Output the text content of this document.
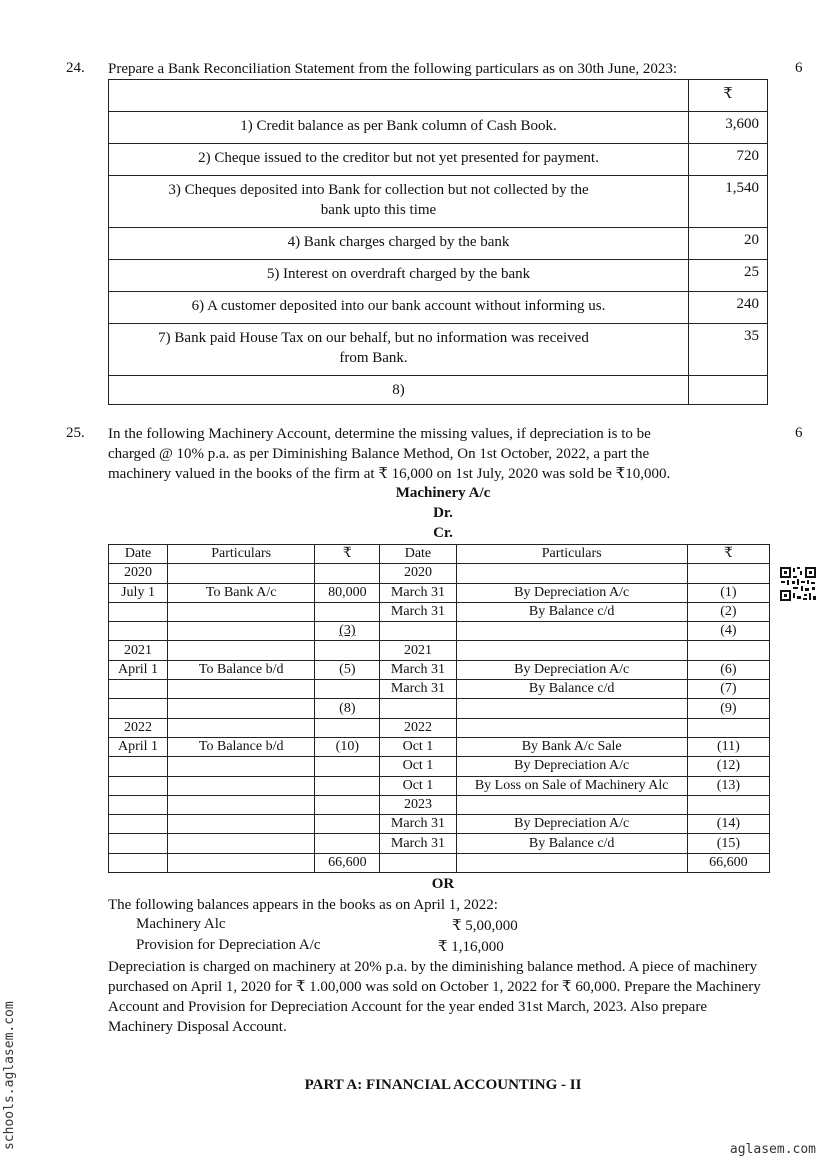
24. Prepare a Bank Reconciliation Statement from the following particulars as on 30th June, 2023:	6
	₹
1) Credit balance as per Bank column of Cash Book.	3,600
2) Cheque issued to the creditor but not yet presented for payment.	720
3) Cheques deposited into Bank for collection but not collected by the bank upto this time	1,540
4) Bank charges charged by the bank	20
5) Interest on overdraft charged by the bank	25
6) A customer deposited into our bank account without informing us.	240
7) Bank paid House Tax on our behalf, but no information was received from Bank.	35
8)	
25.	6
In the following Machinery Account, determine the missing values, if depreciation is to be
charged @ 10% p.a. as per Diminishing Balance Method, On 1st October, 2022, a part the
machinery valued in the books of the firm at ₹ 16,000 on 1st July, 2020 was sold be ₹10,000.
Machinery A/c
Dr.
Cr.
Date	Particulars	₹	Date	Particulars	₹
2020			2020		
July 1	To Bank A/c	80,000	March 31	By Depreciation A/c	(1)
			March 31	By Balance c/d	(2)
		(3)			(4)
2021			2021		
April 1	To Balance b/d	(5)	March 31	By Depreciation A/c	(6)
			March 31	By Balance c/d	(7)
		(8)			(9)
2022			2022		
April 1	To Balance b/d	(10)	Oct 1	By Bank A/c Sale	(11)
			Oct 1	By Depreciation A/c	(12)
			Oct 1	By Loss on Sale of Machinery Alc	(13)
			2023		
			March 31	By Depreciation A/c	(14)
			March 31	By Balance c/d	(15)
		66,600			66,600
OR
The following balances appears in the books as on April 1, 2022:
Machinery Alc	₹ 5,00,000
Provision for Depreciation A/c	₹ 1,16,000
Depreciation is charged on machinery at 20% p.a. by the diminishing balance method. A piece of machinery purchased on April 1, 2020 for ₹ 1.00,000 was sold on October 1, 2022 for ₹ 60,000. Prepare the Machinery Account and Provision for Depreciation Account for the year ended 31st March, 2023. Also prepare Machinery Disposal Account.
PART A: FINANCIAL ACCOUNTING - II
schools.aglasem.com	aglasem.com
